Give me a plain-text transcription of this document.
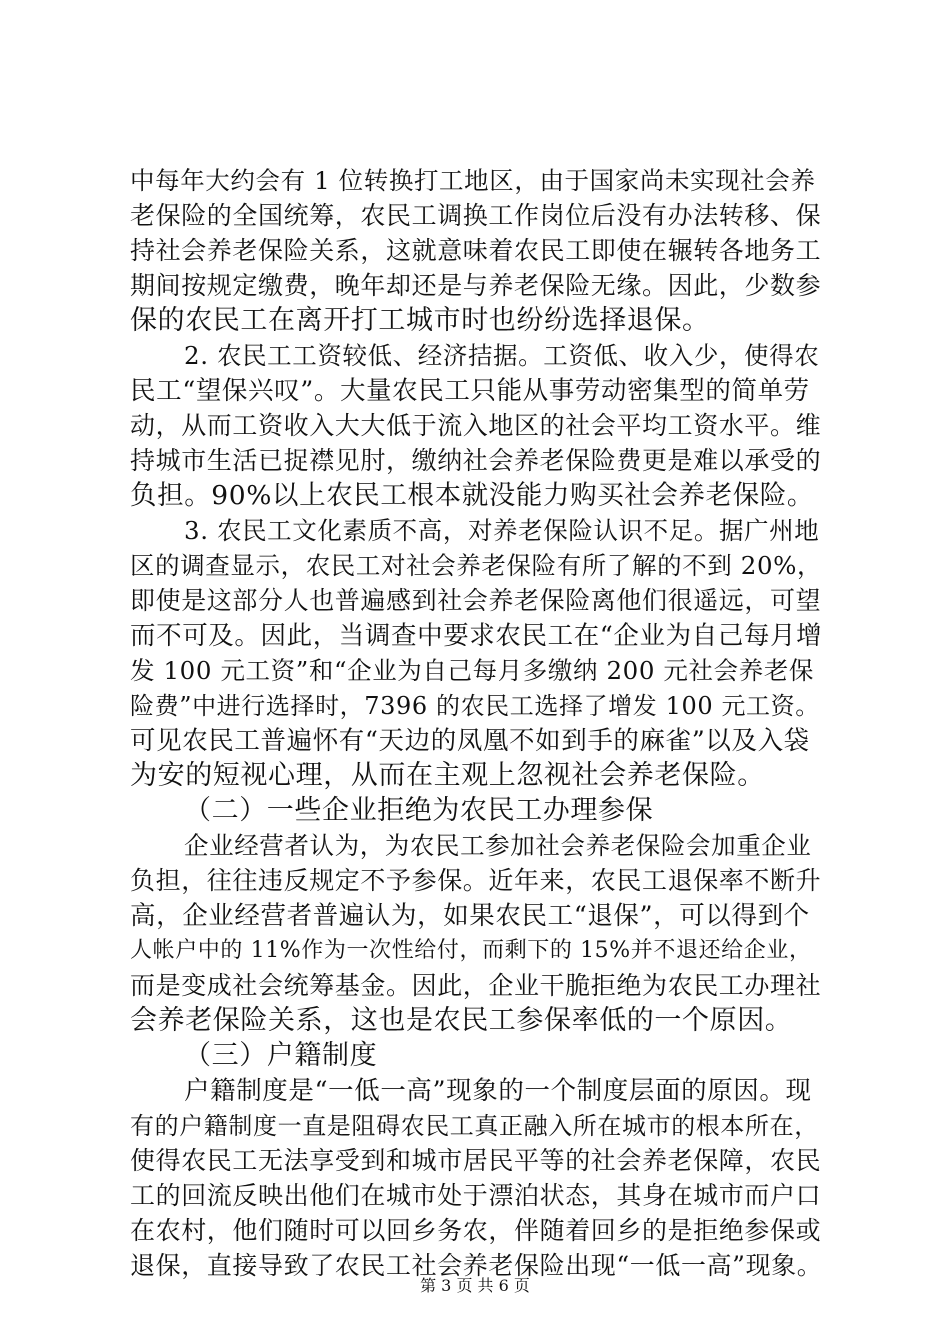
中每年大约会有 1 位转换打工地区，由于国家尚未实现社会养
老保险的全国统筹，农民工调换工作岗位后没有办法转移、保
持社会养老保险关系，这就意味着农民工即使在辗转各地务工
期间按规定缴费，晚年却还是与养老保险无缘。因此，少数参
保的农民工在离开打工城市时也纷纷选择退保。
2. 农民工工资较低、经济拮据。工资低、收入少，使得农
民工“望保兴叹”。大量农民工只能从事劳动密集型的简单劳
动，从而工资收入大大低于流入地区的社会平均工资水平。维
持城市生活已捉襟见肘，缴纳社会养老保险费更是难以承受的
负担。90%以上农民工根本就没能力购买社会养老保险。
3. 农民工文化素质不高，对养老保险认识不足。据广州地
区的调查显示，农民工对社会养老保险有所了解的不到 20%，
即使是这部分人也普遍感到社会养老保险离他们很遥远，可望
而不可及。因此，当调查中要求农民工在“企业为自己每月增
发 100 元工资”和“企业为自己每月多缴纳 200 元社会养老保
险费”中进行选择时，7396 的农民工选择了增发 100 元工资。
可见农民工普遍怀有“天边的凤凰不如到手的麻雀”以及入袋
为安的短视心理，从而在主观上忽视社会养老保险。
（二）一些企业拒绝为农民工办理参保
企业经营者认为，为农民工参加社会养老保险会加重企业
负担，往往违反规定不予参保。近年来，农民工退保率不断升
高，企业经营者普遍认为，如果农民工“退保”，可以得到个
人帐户中的 11%作为一次性给付，而剩下的 15%并不退还给企业，
而是变成社会统筹基金。因此，企业干脆拒绝为农民工办理社
会养老保险关系，这也是农民工参保率低的一个原因。
（三）户籍制度
户籍制度是“一低一高”现象的一个制度层面的原因。现
有的户籍制度一直是阻碍农民工真正融入所在城市的根本所在，
使得农民工无法享受到和城市居民平等的社会养老保障，农民
工的回流反映出他们在城市处于漂泊状态，其身在城市而户口
在农村，他们随时可以回乡务农，伴随着回乡的是拒绝参保或
退保，直接导致了农民工社会养老保险出现“一低一高”现象。
第 3 页 共 6 页
